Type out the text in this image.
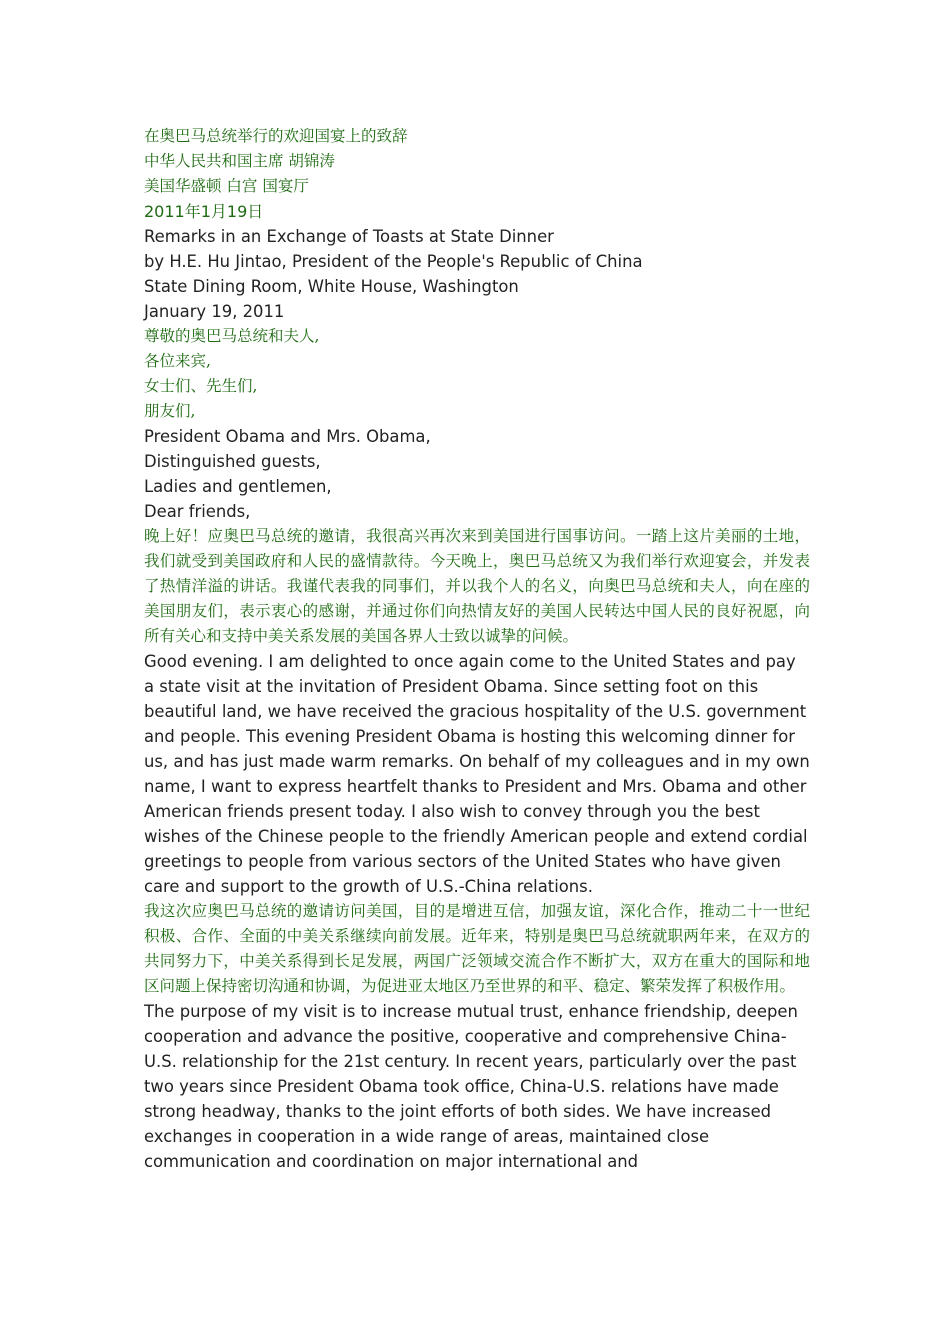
在奥巴马总统举行的欢迎国宴上的致辞
中华人民共和国主席 胡锦涛
美国华盛顿 白宫 国宴厅
2011年1月19日
Remarks in an Exchange of Toasts at State Dinner
by H.E. Hu Jintao, President of the People's Republic of China
State Dining Room, White House, Washington
January 19, 2011
尊敬的奥巴马总统和夫人,
各位来宾,
女士们、先生们,
朋友们,
President Obama and Mrs. Obama,
Distinguished guests,
Ladies and gentlemen,
Dear friends,

晚上好！应奥巴马总统的邀请，我很高兴再次来到美国进行国事访问。一踏上这片美丽的土地，我们就受到美国政府和人民的盛情款待。今天晚上，奥巴马总统又为我们举行欢迎宴会，并发表了热情洋溢的讲话。我谨代表我的同事们，并以我个人的名义，向奥巴马总统和夫人，向在座的美国朋友们，表示衷心的感谢，并通过你们向热情友好的美国人民转达中国人民的良好祝愿，向所有关心和支持中美关系发展的美国各界人士致以诚挚的问候。

Good evening. I am delighted to once again come to the United States and pay a state visit at the invitation of President Obama. Since setting foot on this beautiful land, we have received the gracious hospitality of the U.S. government and people. This evening President Obama is hosting this welcoming dinner for us, and has just made warm remarks. On behalf of my colleagues and in my own name, I want to express heartfelt thanks to President and Mrs. Obama and other American friends present today. I also wish to convey through you the best wishes of the Chinese people to the friendly American people and extend cordial greetings to people from various sectors of the United States who have given care and support to the growth of U.S.-China relations.

我这次应奥巴马总统的邀请访问美国，目的是增进互信，加强友谊，深化合作，推动二十一世纪积极、合作、全面的中美关系继续向前发展。近年来，特别是奥巴马总统就职两年来，在双方的共同努力下，中美关系得到长足发展，两国广泛领域交流合作不断扩大，双方在重大的国际和地区问题上保持密切沟通和协调，为促进亚太地区乃至世界的和平、稳定、繁荣发挥了积极作用。

The purpose of my visit is to increase mutual trust, enhance friendship, deepen cooperation and advance the positive, cooperative and comprehensive China-U.S. relationship for the 21st century. In recent years, particularly over the past two years since President Obama took office, China-U.S. relations have made strong headway, thanks to the joint efforts of both sides. We have increased exchanges in cooperation in a wide range of areas, maintained close communication and coordination on major international and
